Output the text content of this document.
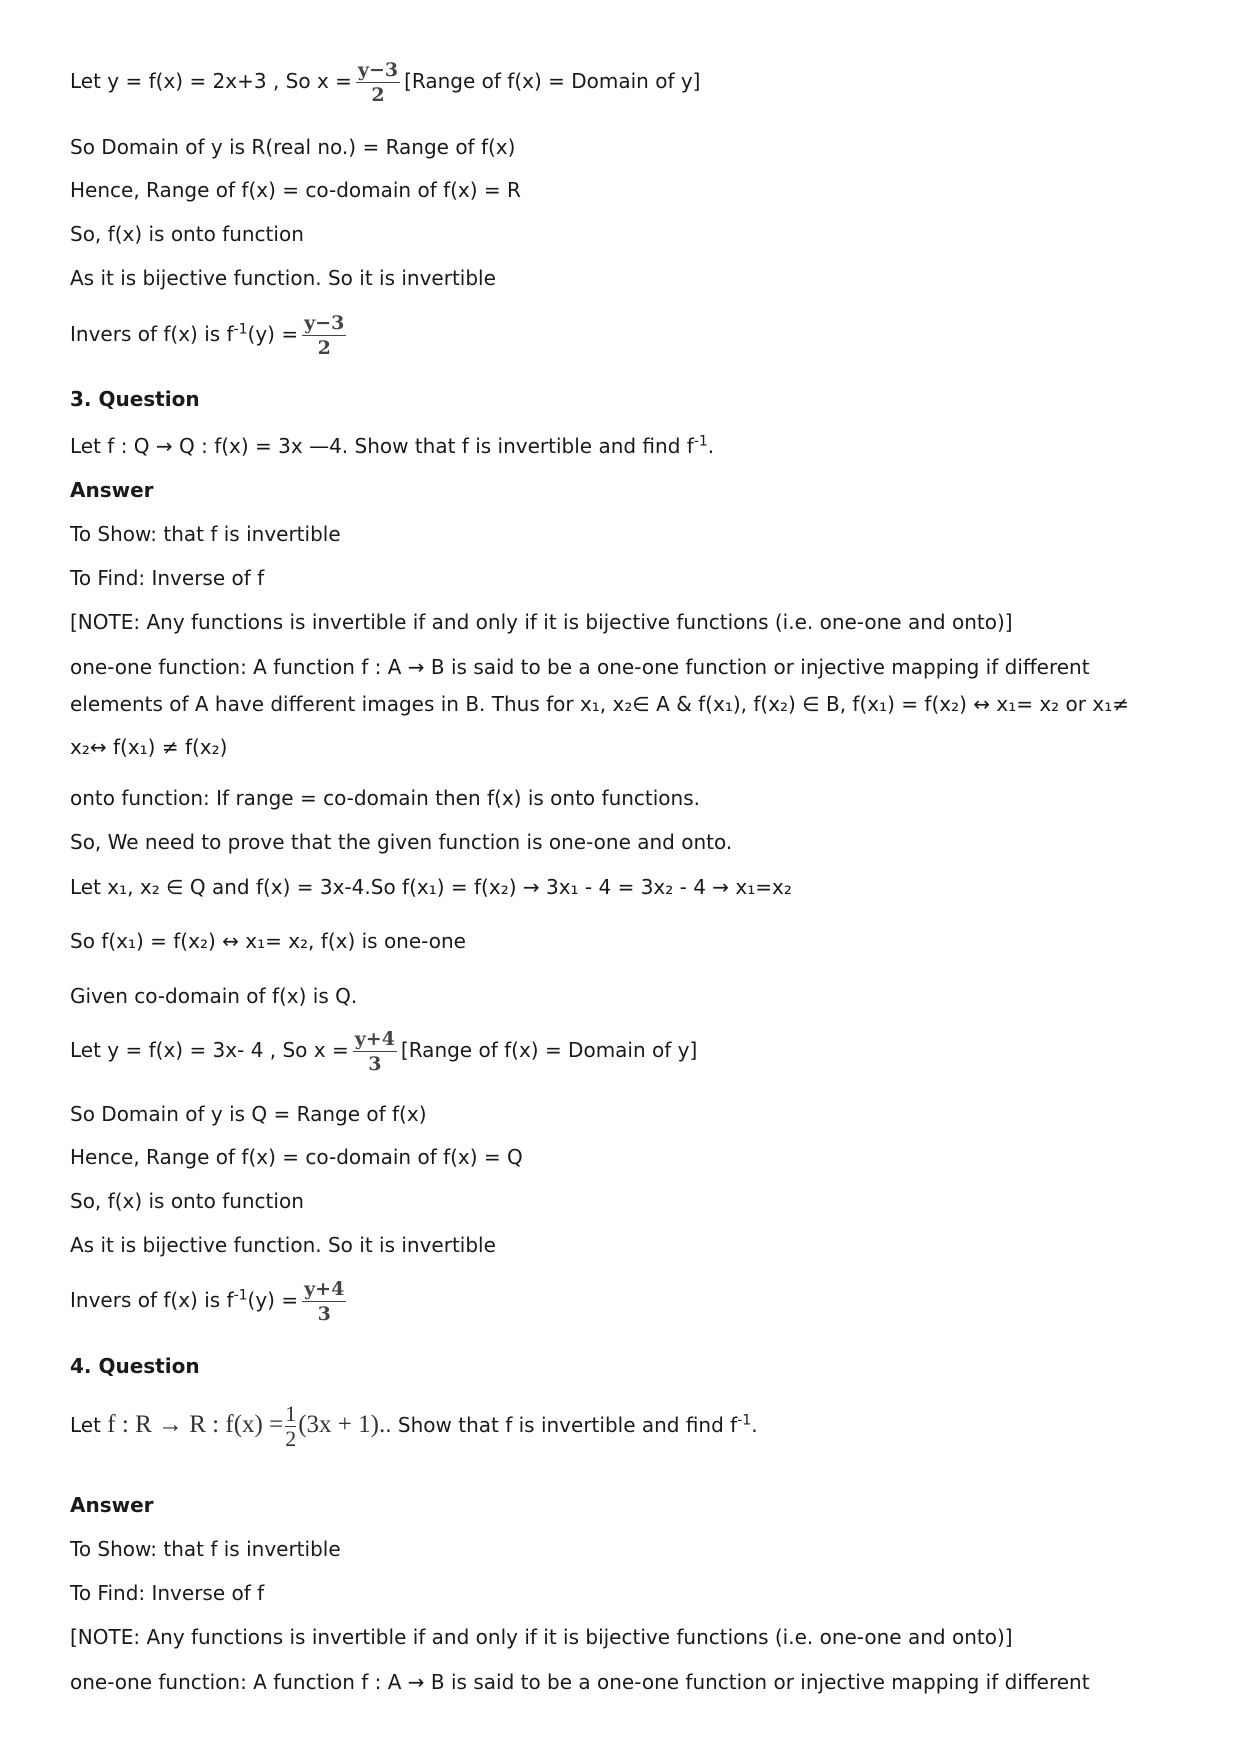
Let y = f(x) = 2x+3 , So $x = \frac{y-3}{2}$ [Range of f(x) = Domain of y]
So Domain of y is R(real no.) = Range of f(x)
Hence, Range of f(x) = co-domain of f(x) = R
So, f(x) is onto function
As it is bijective function. So it is invertible
Invers of f(x) is $f^{-1}(y) = \frac{y-3}{2}$
3. Question
Let f : Q → Q : f(x) = 3x —4. Show that f is invertible and find $f^{-1}$.
Answer
To Show: that f is invertible
To Find: Inverse of f
[NOTE: Any functions is invertible if and only if it is bijective functions (i.e. one-one and onto)]
one-one function: A function f : A → B is said to be a one-one function or injective mapping if different
elements of A have different images in B. Thus for x₁, x₂∈ A & f(x₁), f(x₂) ∈ B, f(x₁) = f(x₂) ↔ x₁= x₂ or x₁≠
x₂↔ f(x₁) ≠ f(x₂)
onto function: If range = co-domain then f(x) is onto functions.
So, We need to prove that the given function is one-one and onto.
Let x₁, x₂ ∈ Q and f(x) = 3x-4.So f(x₁) = f(x₂) → 3x₁ - 4 = 3x₂ - 4 → x₁=x₂
So f(x₁) = f(x₂) ↔ x₁= x₂, f(x) is one-one
Given co-domain of f(x) is Q.
Let y = f(x) = 3x- 4 , So $x = \frac{y+4}{3}$ [Range of f(x) = Domain of y]
So Domain of y is Q = Range of f(x)
Hence, Range of f(x) = co-domain of f(x) = Q
So, f(x) is onto function
As it is bijective function. So it is invertible
Invers of f(x) is $f^{-1}(y) = \frac{y+4}{3}$
4. Question
Let f : R → R : $f(x) = \frac{1}{2} (3x + 1)$.. Show that f is invertible and find $f^{-1}$.
Answer
To Show: that f is invertible
To Find: Inverse of f
[NOTE: Any functions is invertible if and only if it is bijective functions (i.e. one-one and onto)]
one-one function: A function f : A → B is said to be a one-one function or injective mapping if different
